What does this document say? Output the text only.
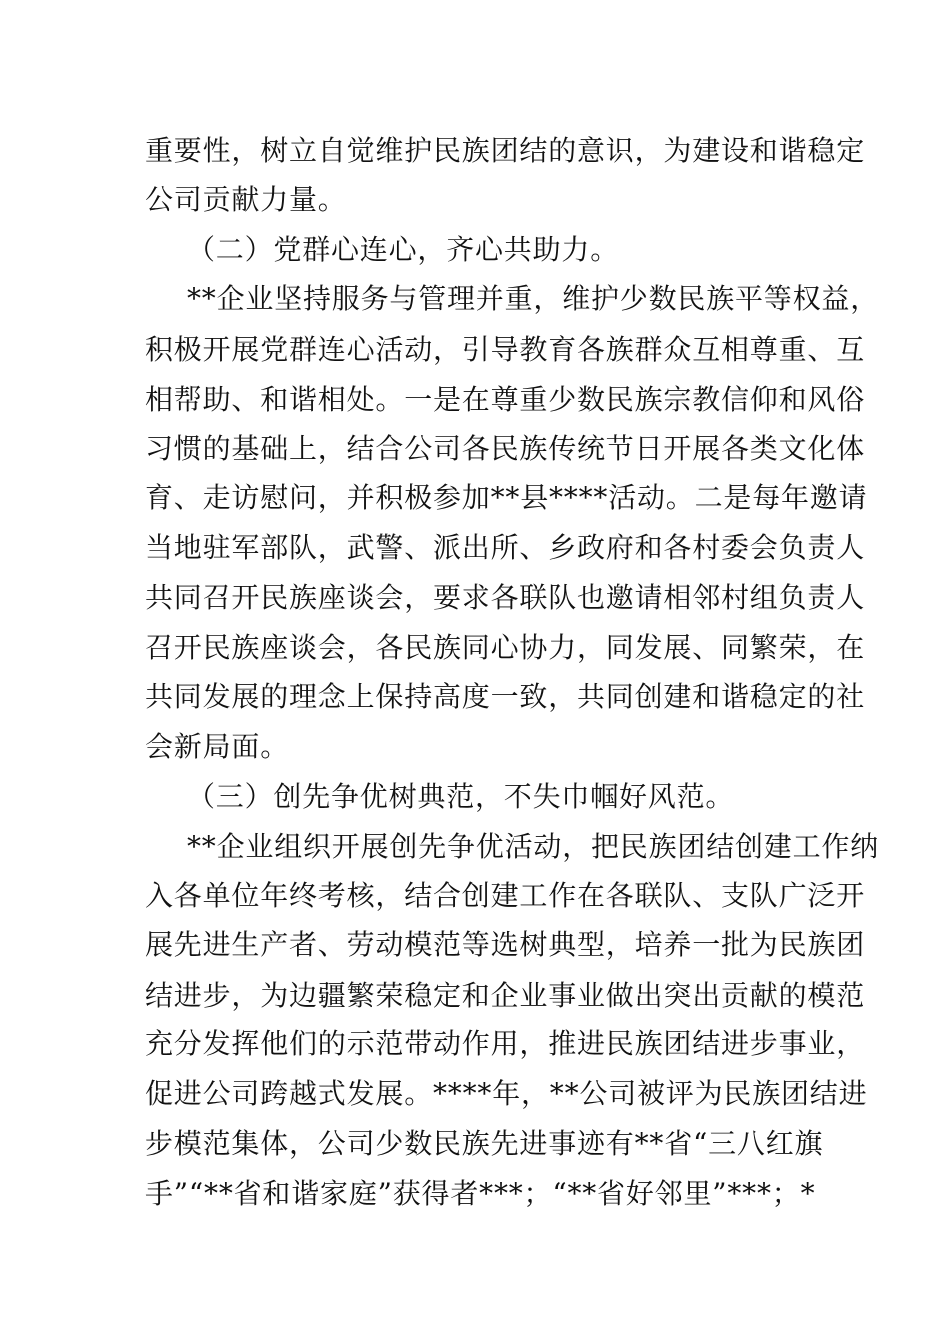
重要性，树立自觉维护民族团结的意识，为建设和谐稳定
公司贡献力量。
（二）党群心连心，齐心共助力。
**企业坚持服务与管理并重，维护少数民族平等权益，
积极开展党群连心活动，引导教育各族群众互相尊重、互
相帮助、和谐相处。一是在尊重少数民族宗教信仰和风俗
习惯的基础上，结合公司各民族传统节日开展各类文化体
育、走访慰问，并积极参加**县****活动。二是每年邀请
当地驻军部队，武警、派出所、乡政府和各村委会负责人
共同召开民族座谈会，要求各联队也邀请相邻村组负责人
召开民族座谈会，各民族同心协力，同发展、同繁荣，在
共同发展的理念上保持高度一致，共同创建和谐稳定的社
会新局面。
（三）创先争优树典范，不失巾帼好风范。
**企业组织开展创先争优活动，把民族团结创建工作纳
入各单位年终考核，结合创建工作在各联队、支队广泛开
展先进生产者、劳动模范等选树典型，培养一批为民族团
结进步，为边疆繁荣稳定和企业事业做出突出贡献的模范
充分发挥他们的示范带动作用，推进民族团结进步事业，
促进公司跨越式发展。****年，**公司被评为民族团结进
步模范集体，公司少数民族先进事迹有**省“三八红旗
手”“**省和谐家庭”获得者***；“**省好邻里”***；*
